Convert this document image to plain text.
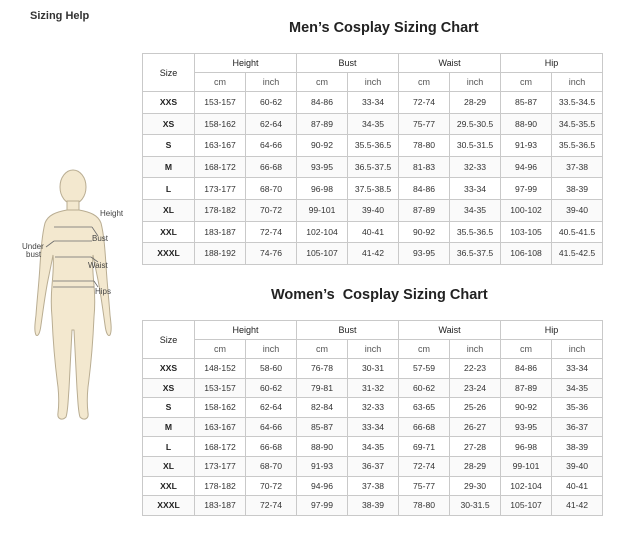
Sizing Help
Height
Bust
Under
bust
Waist
Hips
Men’s Cosplay Sizing Chart
Size	Height		Bust		Waist		Hip	
	cm	inch	cm	inch	cm	inch	cm	inch
XXS	153-157	60-62	84-86	33-34	72-74	28-29	85-87	33.5-34.5
XS	158-162	62-64	87-89	34-35	75-77	29.5-30.5	88-90	34.5-35.5
S	163-167	64-66	90-92	35.5-36.5	78-80	30.5-31.5	91-93	35.5-36.5
M	168-172	66-68	93-95	36.5-37.5	81-83	32-33	94-96	37-38
L	173-177	68-70	96-98	37.5-38.5	84-86	33-34	97-99	38-39
XL	178-182	70-72	99-101	39-40	87-89	34-35	100-102	39-40
XXL	183-187	72-74	102-104	40-41	90-92	35.5-36.5	103-105	40.5-41.5
XXXL	188-192	74-76	105-107	41-42	93-95	36.5-37.5	106-108	41.5-42.5
Women’s  Cosplay Sizing Chart
Size	Height		Bust		Waist		Hip	
	cm	inch	cm	inch	cm	inch	cm	inch
XXS	148-152	58-60	76-78	30-31	57-59	22-23	84-86	33-34
XS	153-157	60-62	79-81	31-32	60-62	23-24	87-89	34-35
S	158-162	62-64	82-84	32-33	63-65	25-26	90-92	35-36
M	163-167	64-66	85-87	33-34	66-68	26-27	93-95	36-37
L	168-172	66-68	88-90	34-35	69-71	27-28	96-98	38-39
XL	173-177	68-70	91-93	36-37	72-74	28-29	99-101	39-40
XXL	178-182	70-72	94-96	37-38	75-77	29-30	102-104	40-41
XXXL	183-187	72-74	97-99	38-39	78-80	30-31.5	105-107	41-42
